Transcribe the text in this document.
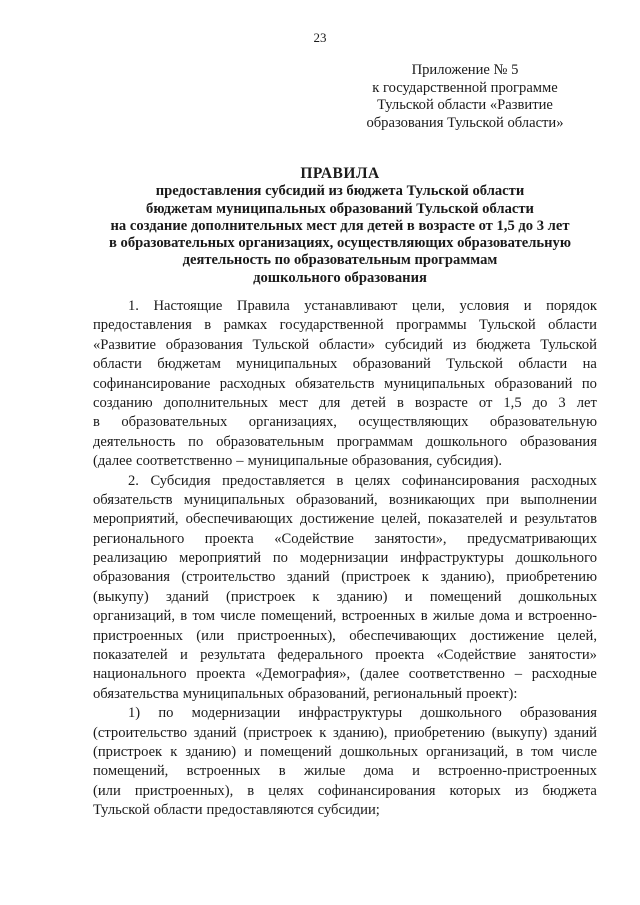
23
Приложение № 5
к государственной программе
Тульской области «Развитие
образования Тульской области»
ПРАВИЛА
предоставления субсидий из бюджета Тульской области
бюджетам муниципальных образований Тульской области
на создание дополнительных мест для детей в возрасте от 1,5 до 3 лет
в образовательных организациях, осуществляющих образовательную
деятельность по образовательным программам
дошкольного образования
1. Настоящие Правила устанавливают цели, условия и порядок
предоставления в рамках государственной программы Тульской области
«Развитие образования Тульской области» субсидий из бюджета Тульской
области бюджетам муниципальных образований Тульской области на
софинансирование расходных обязательств муниципальных образований по
созданию дополнительных мест для детей в возрасте от 1,5 до 3 лет
в образовательных организациях, осуществляющих образовательную
деятельность по образовательным программам дошкольного образования
(далее соответственно – муниципальные образования, субсидия).
2. Субсидия предоставляется в целях софинансирования расходных
обязательств муниципальных образований, возникающих при выполнении
мероприятий, обеспечивающих достижение целей, показателей и результатов
регионального проекта «Содействие занятости», предусматривающих
реализацию мероприятий по модернизации инфраструктуры дошкольного
образования (строительство зданий (пристроек к зданию), приобретению
(выкупу) зданий (пристроек к зданию) и помещений дошкольных
организаций, в том числе помещений, встроенных в жилые дома и встроенно-
пристроенных (или пристроенных), обеспечивающих достижение целей,
показателей и результата федерального проекта «Содействие занятости»
национального проекта «Демография», (далее соответственно – расходные
обязательства муниципальных образований, региональный проект):
1) по модернизации инфраструктуры дошкольного образования
(строительство зданий (пристроек к зданию), приобретению (выкупу) зданий
(пристроек к зданию) и помещений дошкольных организаций, в том числе
помещений, встроенных в жилые дома и встроенно-пристроенных
(или пристроенных), в целях софинансирования которых из бюджета
Тульской области предоставляются субсидии;
